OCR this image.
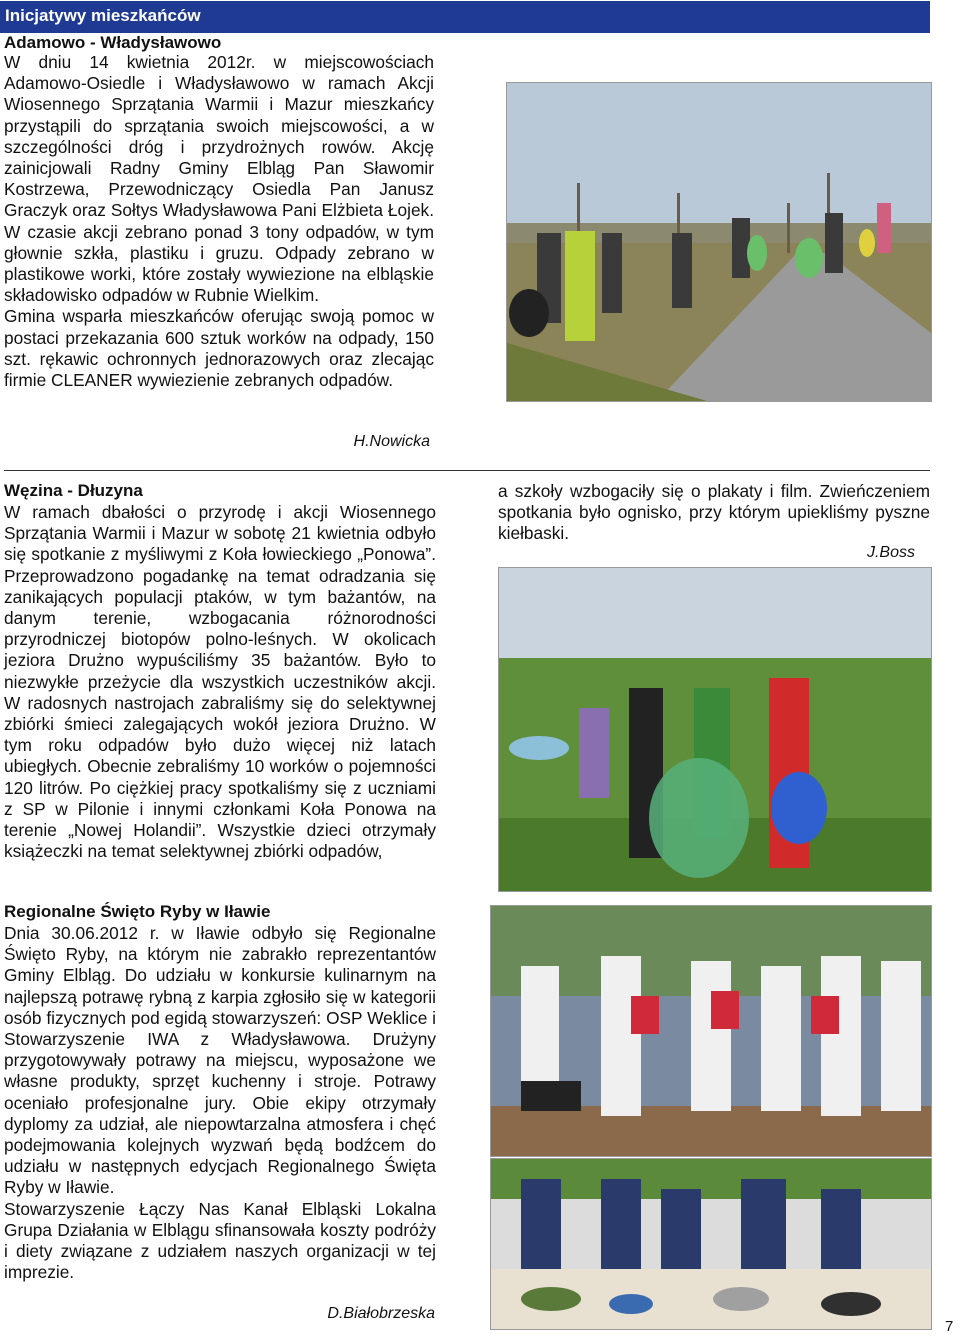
Inicjatywy mieszkańców
Adamowo - Władysławowo

W dniu 14 kwietnia 2012r. w miejscowościach Adamowo-Osiedle i Władysławowo w ramach Akcji Wiosennego Sprzątania Warmii i Mazur mieszkańcy przystąpili do sprzątania swoich miejscowości, a w szczególności dróg i przydrożnych rowów. Akcję zainicjowali Radny Gminy Elbląg Pan Sławomir Kostrzewa, Przewodniczący Osiedla Pan Janusz Graczyk oraz Sołtys Władysławowa Pani Elżbieta Łojek. W czasie akcji zebrano ponad 3 tony odpadów, w tym głownie szkła, plastiku i gruzu. Odpady zebrano w plastikowe worki, które zostały wywiezione na elbląskie składowisko odpadów w Rubnie Wielkim.

Gmina wsparła mieszkańców oferując swoją pomoc w postaci przekazania 600 sztuk worków na odpady, 150 szt. rękawic ochronnych jednorazowych oraz zlecając firmie CLEANER wywiezienie zebranych odpadów.

H.Nowicka
Węzina - Dłuzyna

W ramach dbałości o przyrodę i akcji Wiosennego Sprzątania Warmii i Mazur w sobotę 21 kwietnia odbyło się spotkanie z myśliwymi z Koła łowieckiego „Ponowa”. Przeprowadzono pogadankę na temat odradzania się zanikających populacji ptaków, w tym bażantów, na danym terenie, wzbogacania różnorodności przyrodniczej biotopów polno-leśnych. W okolicach jeziora Drużno wypuściliśmy 35 bażantów. Było to niezwykłe przeżycie dla wszystkich uczestników akcji. W radosnych nastrojach zabraliśmy się do selektywnej zbiórki śmieci zalegających wokół jeziora Drużno. W tym roku odpadów było dużo więcej niż latach ubiegłych. Obecnie zebraliśmy 10 worków o pojemności 120 litrów. Po ciężkiej pracy spotkaliśmy się z uczniami z SP w Pilonie i innymi członkami Koła Ponowa na terenie „Nowej Holandii”. Wszystkie dzieci otrzymały książeczki na temat selektywnej zbiórki odpadów,

a szkoły wzbogaciły się o plakaty i film. Zwieńczeniem spotkania było ognisko, przy którym upiekliśmy pyszne kiełbaski.

J.Boss
Regionalne Święto Ryby w Iławie

Dnia 30.06.2012 r. w Iławie odbyło się Regionalne Święto Ryby, na którym nie zabrakło reprezentantów Gminy Elbląg. Do udziału w konkursie kulinarnym na najlepszą potrawę rybną z karpia zgłosiło się w kategorii osób fizycznych pod egidą stowarzyszeń: OSP Weklice i Stowarzyszenie IWA z Władysławowa. Drużyny przygotowywały potrawy na miejscu, wyposażone we własne produkty, sprzęt kuchenny i stroje. Potrawy oceniało profesjonalne jury. Obie ekipy otrzymały dyplomy za udział, ale niepowtarzalna atmosfera i chęć podejmowania kolejnych wyzwań będą bodźcem do udziału w następnych edycjach Regionalnego Święta Ryby w Iławie.

Stowarzyszenie Łączy Nas Kanał Elbląski Lokalna Grupa Działania w Elblągu sfinansowała koszty podróży i diety związane z udziałem naszych organizacji w tej imprezie.

D.Białobrzeska
7
